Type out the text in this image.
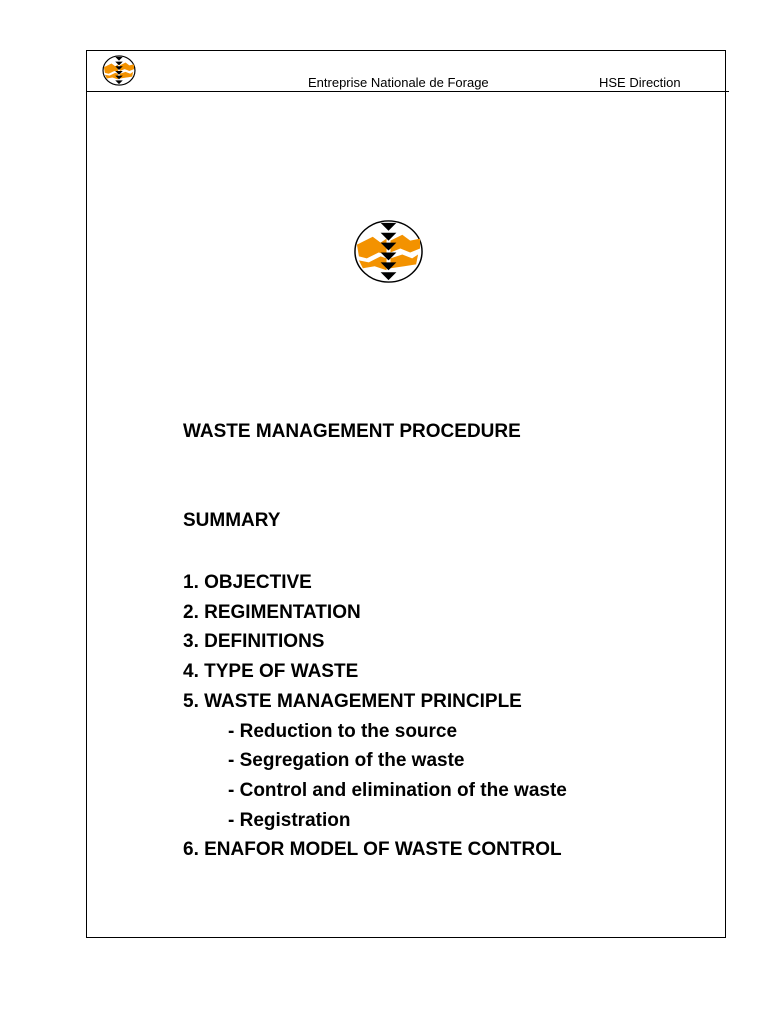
Entreprise Nationale de Forage	HSE Direction
WASTE MANAGEMENT PROCEDURE
SUMMARY
1. OBJECTIVE
2. REGIMENTATION
3. DEFINITIONS
4. TYPE OF WASTE
5. WASTE MANAGEMENT PRINCIPLE
- Reduction to the source
- Segregation of the waste
- Control and elimination of the waste
- Registration
6. ENAFOR MODEL OF WASTE CONTROL
